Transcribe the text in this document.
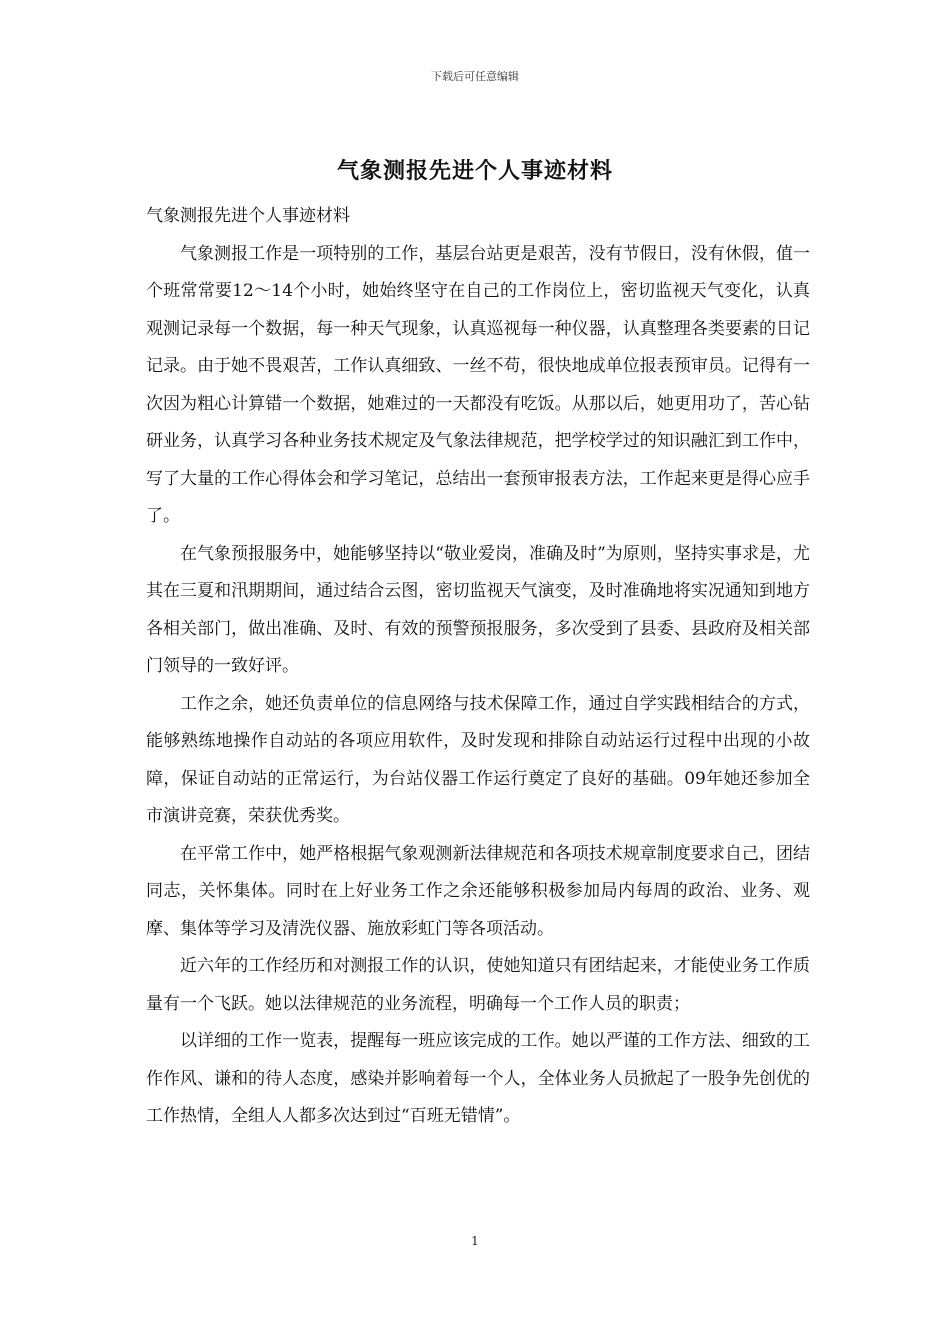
下载后可任意编辑
气象测报先进个人事迹材料

气象测报先进个人事迹材料

气象测报工作是一项特别的工作，基层台站更是艰苦，没有节假日，没有休假，值一个班常常要12～14个小时，她始终坚守在自己的工作岗位上，密切监视天气变化，认真观测记录每一个数据，每一种天气现象，认真巡视每一种仪器，认真整理各类要素的日记记录。由于她不畏艰苦，工作认真细致、一丝不苟，很快地成单位报表预审员。记得有一次因为粗心计算错一个数据，她难过的一天都没有吃饭。从那以后，她更用功了，苦心钻研业务，认真学习各种业务技术规定及气象法律规范，把学校学过的知识融汇到工作中，写了大量的工作心得体会和学习笔记，总结出一套预审报表方法，工作起来更是得心应手了。

在气象预报服务中，她能够坚持以“敬业爱岗，准确及时”为原则，坚持实事求是，尤其在三夏和汛期期间，通过结合云图，密切监视天气演变，及时准确地将实况通知到地方各相关部门，做出准确、及时、有效的预警预报服务，多次受到了县委、县政府及相关部门领导的一致好评。

工作之余，她还负责单位的信息网络与技术保障工作，通过自学实践相结合的方式，能够熟练地操作自动站的各项应用软件，及时发现和排除自动站运行过程中出现的小故障，保证自动站的正常运行，为台站仪器工作运行奠定了良好的基础。09年她还参加全市演讲竞赛，荣获优秀奖。

在平常工作中，她严格根据气象观测新法律规范和各项技术规章制度要求自己，团结同志，关怀集体。同时在上好业务工作之余还能够积极参加局内每周的政治、业务、观摩、集体等学习及清洗仪器、施放彩虹门等各项活动。

近六年的工作经历和对测报工作的认识，使她知道只有团结起来，才能使业务工作质量有一个飞跃。她以法律规范的业务流程，明确每一个工作人员的职责；

以详细的工作一览表，提醒每一班应该完成的工作。她以严谨的工作方法、细致的工作作风、谦和的待人态度，感染并影响着每一个人，全体业务人员掀起了一股争先创优的工作热情，全组人人都多次达到过“百班无错情”。

1
